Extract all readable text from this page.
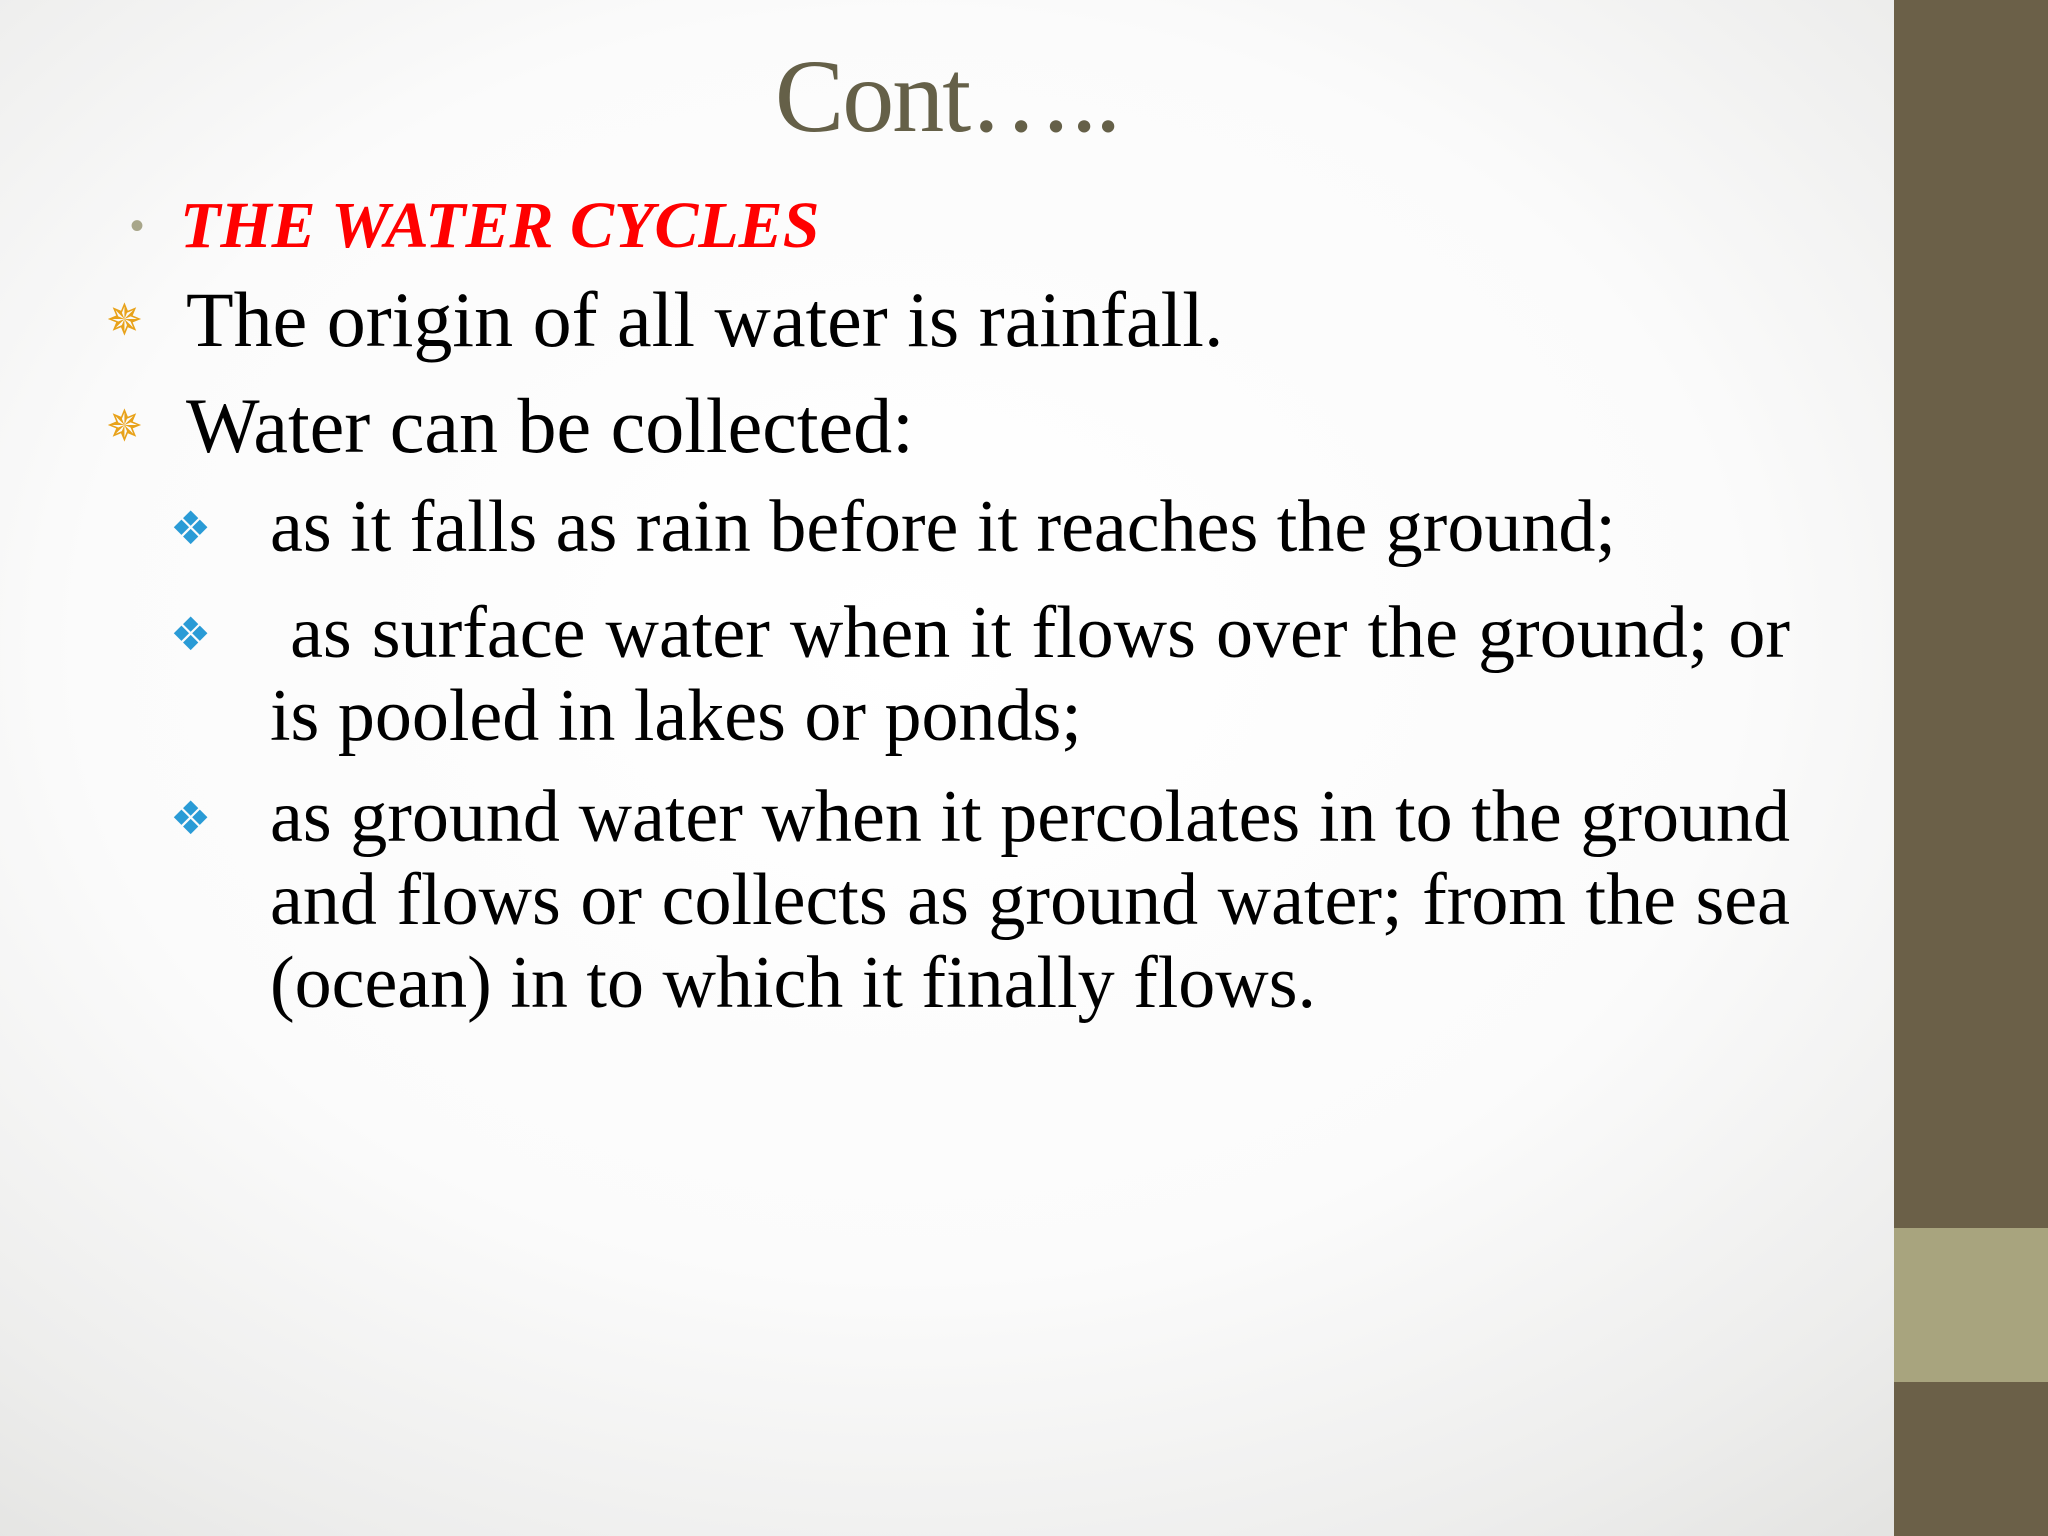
Cont…..
• THE WATER CYCLES
✵ The origin of all water is rainfall.
✵ Water can be collected:
❖ as it falls as rain before it reaches the ground;
❖ as surface water when it flows over the ground; or is pooled in lakes or ponds;
❖ as ground water when it percolates in to the ground and flows or collects as ground water; from the sea (ocean) in to which it finally flows.
